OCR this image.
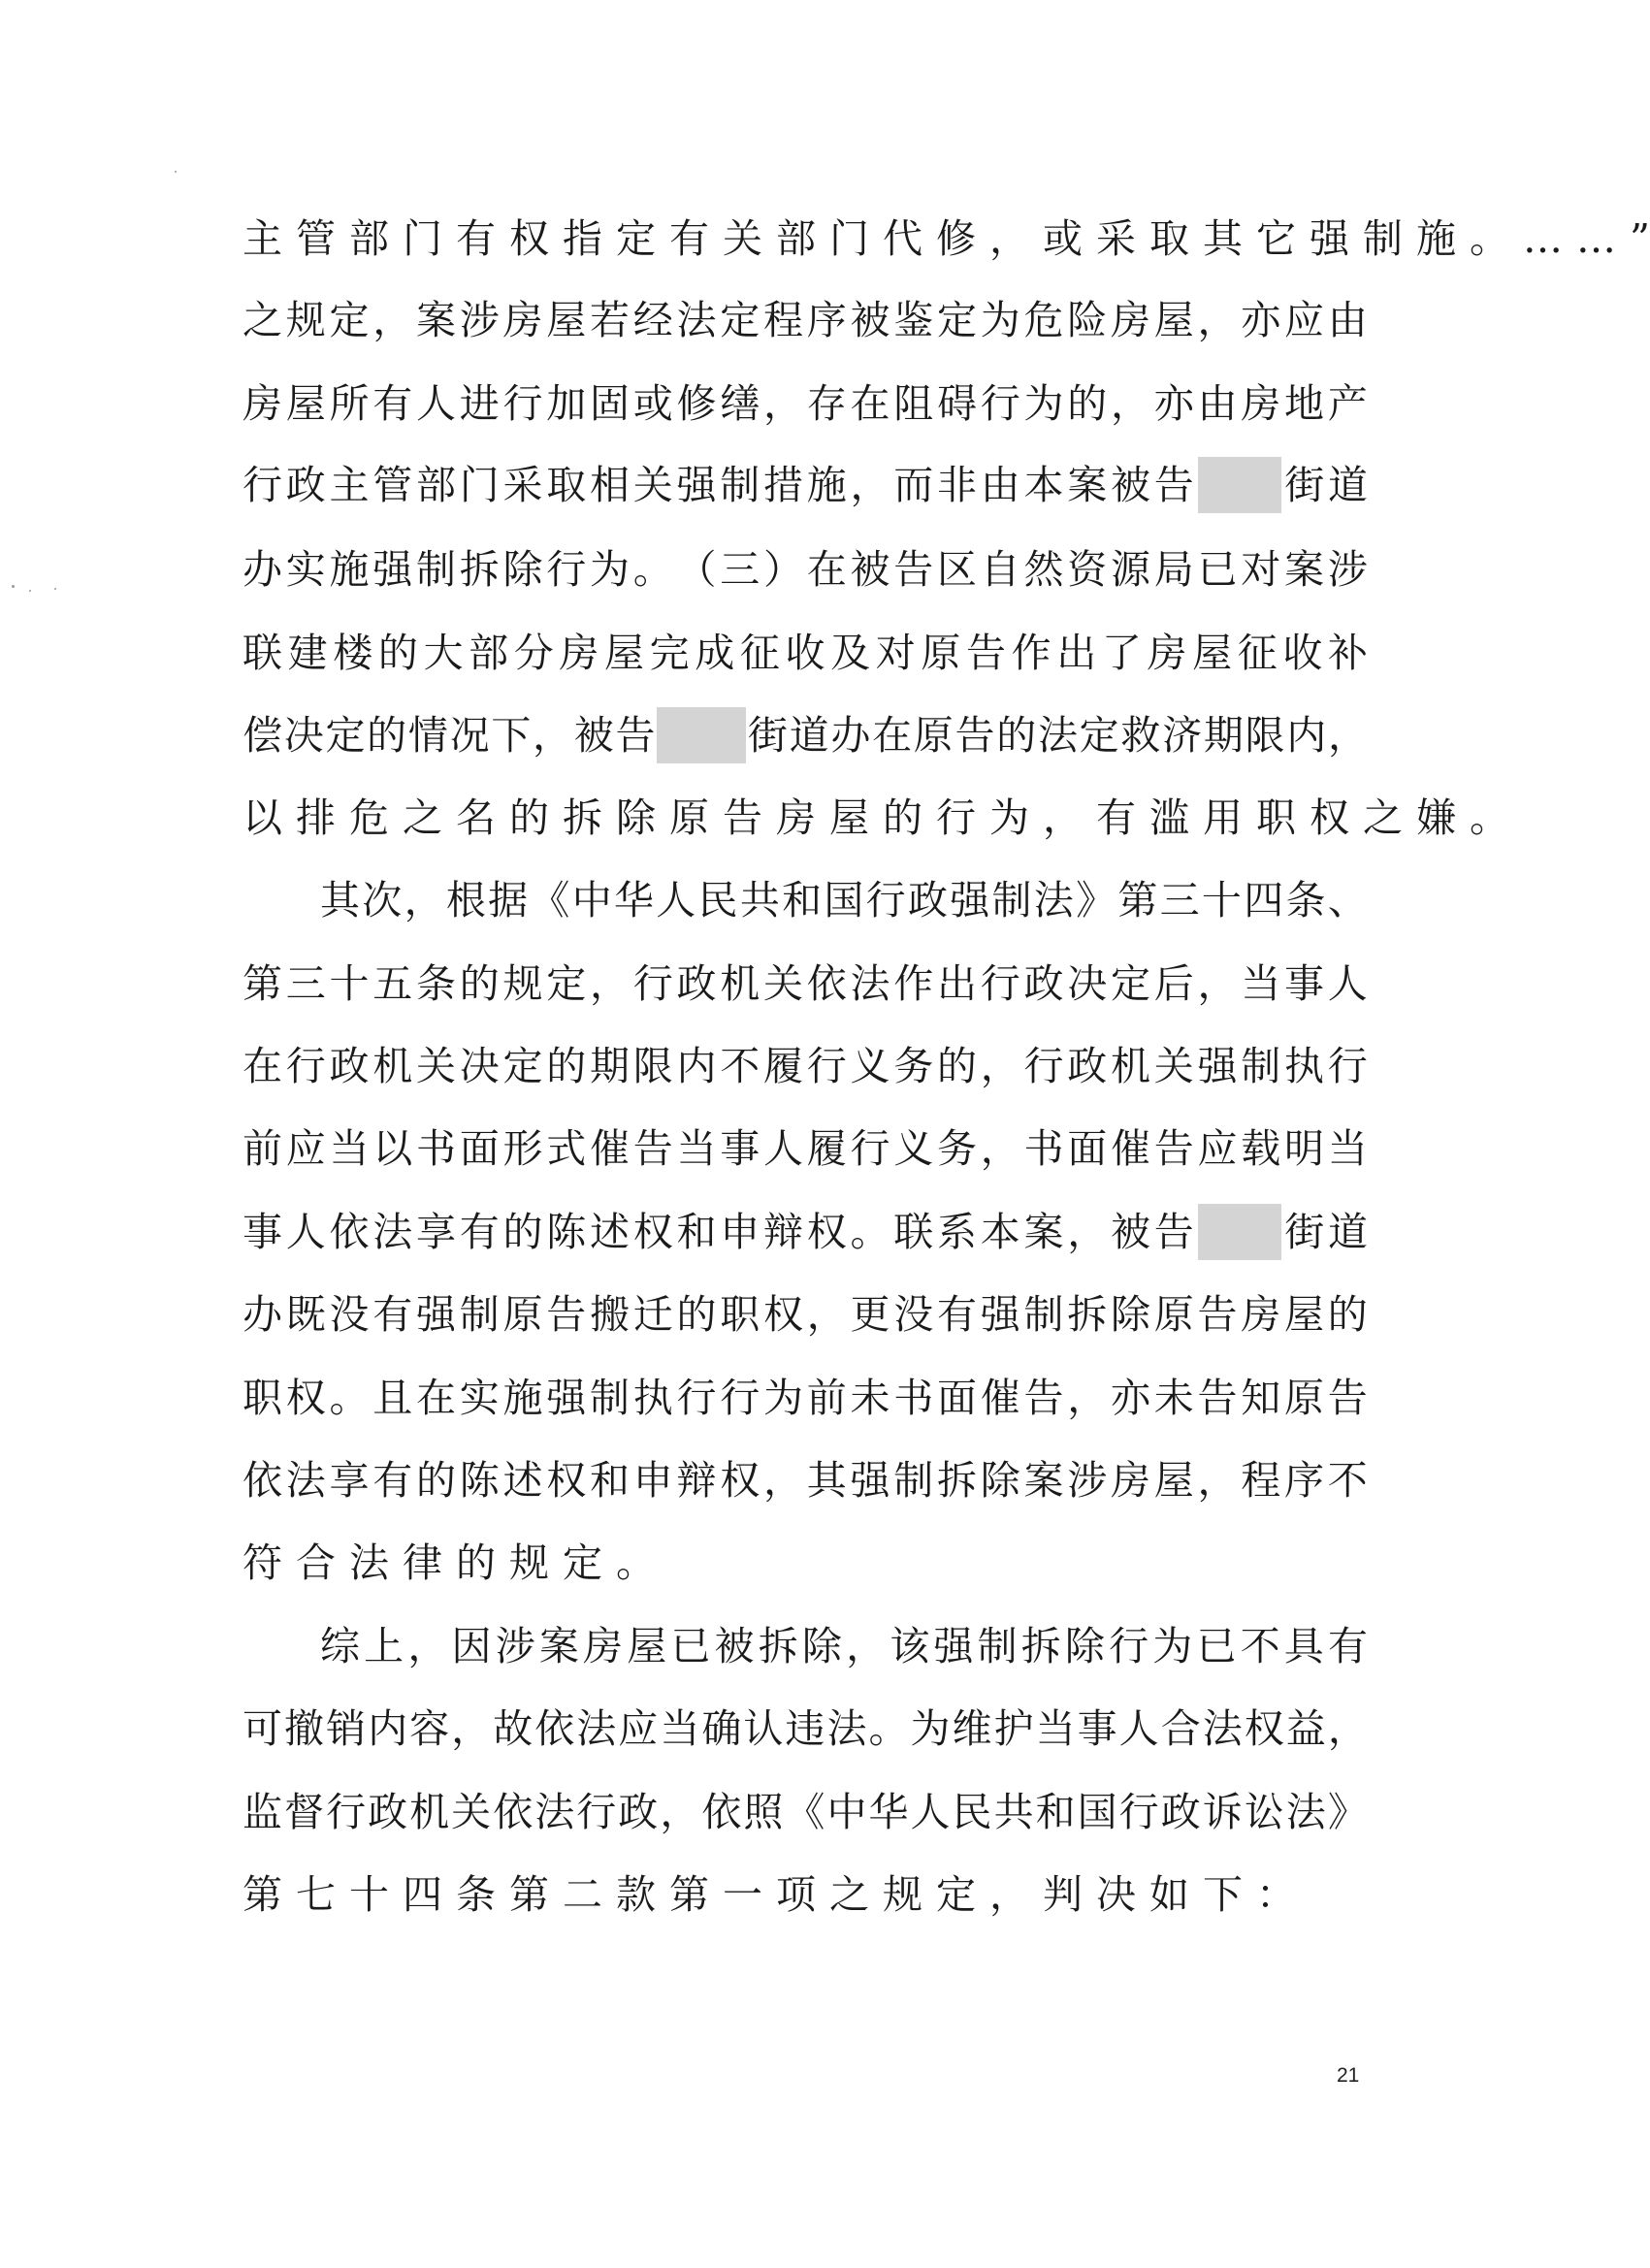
主 管 部 门 有 权 指 定 有 关 部 门 代 修 ， 或 采 取 其 它 强 制 施 。 … … ”
之 规 定 ， 案 涉 房 屋 若 经 法 定 程 序 被 鉴 定 为 危 险 房 屋 ， 亦 应 由
房 屋 所 有 人 进 行 加 固 或 修 缮 ， 存 在 阻 碍 行 为 的 ， 亦 由 房 地 产
行 政 主 管 部 门 采 取 相 关 强 制 措 施 ， 而 非 由 本 案 被 告 街 道
办 实 施 强 制 拆 除 行 为 。 （ 三 ） 在 被 告 区 自 然 资 源 局 已 对 案 涉
联 建 楼 的 大 部 分 房 屋 完 成 征 收 及 对 原 告 作 出 了 房 屋 征 收 补
偿 决 定 的 情 况 下 ， 被 告 街 道 办 在 原 告 的 法 定 救 济 期 限 内 ，
以 排 危 之 名 的 拆 除 原 告 房 屋 的 行 为 ， 有 滥 用 职 权 之 嫌 。
其 次 ， 根 据 《 中 华 人 民 共 和 国 行 政 强 制 法 》 第 三 十 四 条 、
第 三 十 五 条 的 规 定 ， 行 政 机 关 依 法 作 出 行 政 决 定 后 ， 当 事 人
在 行 政 机 关 决 定 的 期 限 内 不 履 行 义 务 的 ， 行 政 机 关 强 制 执 行
前 应 当 以 书 面 形 式 催 告 当 事 人 履 行 义 务 ， 书 面 催 告 应 载 明 当
事 人 依 法 享 有 的 陈 述 权 和 申 辩 权 。 联 系 本 案 ， 被 告 街 道
办 既 没 有 强 制 原 告 搬 迁 的 职 权 ， 更 没 有 强 制 拆 除 原 告 房 屋 的
职 权 。 且 在 实 施 强 制 执 行 行 为 前 未 书 面 催 告 ， 亦 未 告 知 原 告
依 法 享 有 的 陈 述 权 和 申 辩 权 ， 其 强 制 拆 除 案 涉 房 屋 ， 程 序 不
符 合 法 律 的 规 定 。
综 上 ， 因 涉 案 房 屋 已 被 拆 除 ， 该 强 制 拆 除 行 为 已 不 具 有
可 撤 销 内 容 ， 故 依 法 应 当 确 认 违 法 。 为 维 护 当 事 人 合 法 权 益 ，
监 督 行 政 机 关 依 法 行 政 ， 依 照 《 中 华 人 民 共 和 国 行 政 诉 讼 法 》
第 七 十 四 条 第 二 款 第 一 项 之 规 定 ， 判 决 如 下 ：
21
